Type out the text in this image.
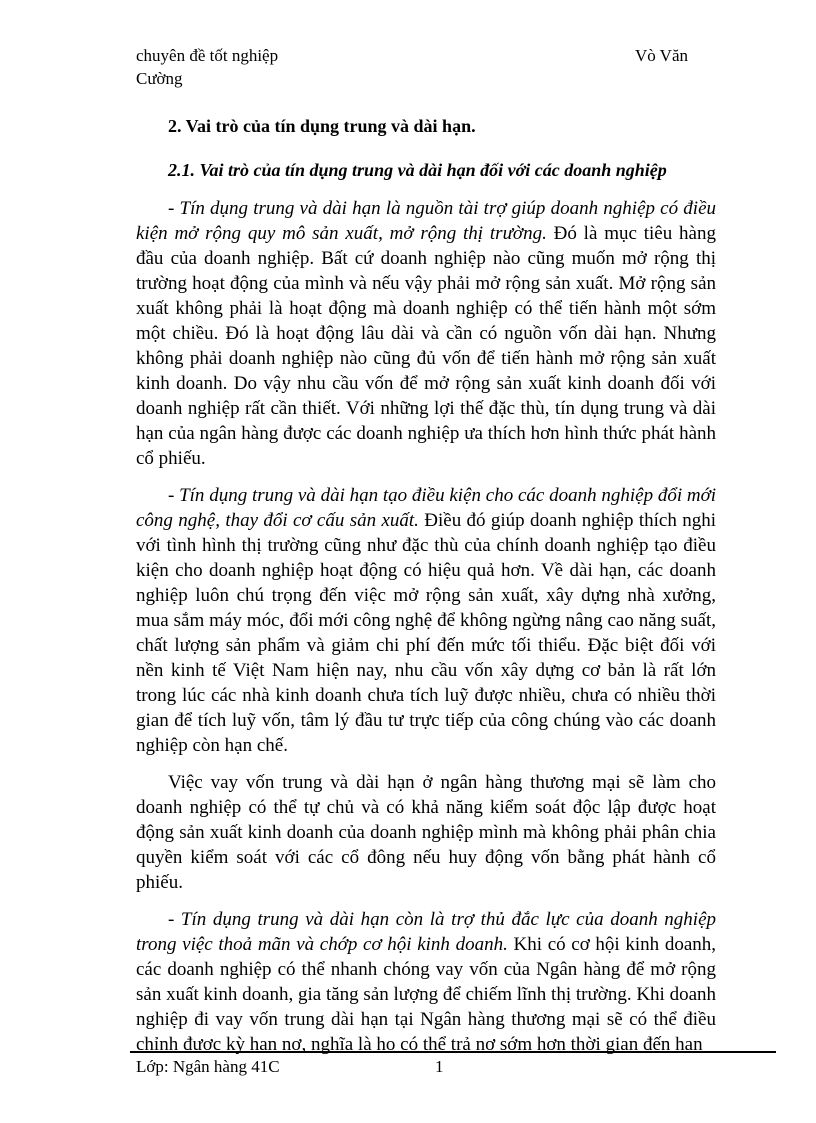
chuyên đề tốt nghiệp	Vò Văn
Cường
2. Vai trò của tín dụng trung và dài hạn.
2.1. Vai trò của tín dụng trung và dài hạn đối với các doanh nghiệp

- Tín dụng trung và dài hạn là nguồn tài trợ giúp doanh nghiệp có điều kiện mở rộng quy mô sản xuất, mở rộng thị trường. Đó là mục tiêu hàng đầu của doanh nghiệp. Bất cứ doanh nghiệp nào cũng muốn mở rộng thị trường hoạt động của mình và nếu vậy phải mở rộng sản xuất. Mở rộng sản xuất không phải là hoạt động mà doanh nghiệp có thể tiến hành một sớm một chiều. Đó là hoạt động lâu dài và cần có nguồn vốn dài hạn. Nhưng không phải doanh nghiệp nào cũng đủ vốn để tiến hành mở rộng sản xuất kinh doanh. Do vậy nhu cầu vốn để mở rộng sản xuất kinh doanh đối với doanh nghiệp rất cần thiết. Với những lợi thế đặc thù, tín dụng trung và dài hạn của ngân hàng được các doanh nghiệp ưa thích hơn hình thức phát hành cổ phiếu.

- Tín dụng trung và dài hạn tạo điều kiện cho các doanh nghiệp đổi mới công nghệ, thay đổi cơ cấu sản xuất. Điều đó giúp doanh nghiệp thích nghi với tình hình thị trường cũng như đặc thù của chính doanh nghiệp tạo điều kiện cho doanh nghiệp hoạt động có hiệu quả hơn. Về dài hạn, các doanh nghiệp luôn chú trọng đến việc mở rộng sản xuất, xây dựng nhà xưởng, mua sắm máy móc, đổi mới công nghệ để không ngừng nâng cao năng suất, chất lượng sản phẩm và giảm chi phí đến mức tối thiểu. Đặc biệt đối với nền kinh tế Việt Nam hiện nay, nhu cầu vốn xây dựng cơ bản là rất lớn trong lúc các nhà kinh doanh chưa tích luỹ được nhiều, chưa có nhiều thời gian để tích luỹ vốn, tâm lý đầu tư trực tiếp của công chúng vào các doanh nghiệp còn hạn chế.

Việc vay vốn trung và dài hạn ở ngân hàng thương mại sẽ làm cho doanh nghiệp có thể tự chủ và có khả năng kiểm soát độc lập được hoạt động sản xuất kinh doanh của doanh nghiệp mình mà không phải phân chia quyền kiểm soát với các cổ đông nếu huy động vốn bằng phát hành cổ phiếu.

- Tín dụng trung và dài hạn còn là trợ thủ đắc lực của doanh nghiệp trong việc thoả mãn và chớp cơ hội kinh doanh. Khi có cơ hội kinh doanh, các doanh nghiệp có thể nhanh chóng vay vốn của Ngân hàng để mở rộng sản xuất kinh doanh, gia tăng sản lượng để chiếm lĩnh thị trường. Khi doanh nghiệp đi vay vốn trung dài hạn tại Ngân hàng thương mại sẽ có thể điều chỉnh được kỳ hạn nợ, nghĩa là họ có thể trả nợ sớm hơn thời gian đến hạn

Lớp: Ngân hàng 41C	1
